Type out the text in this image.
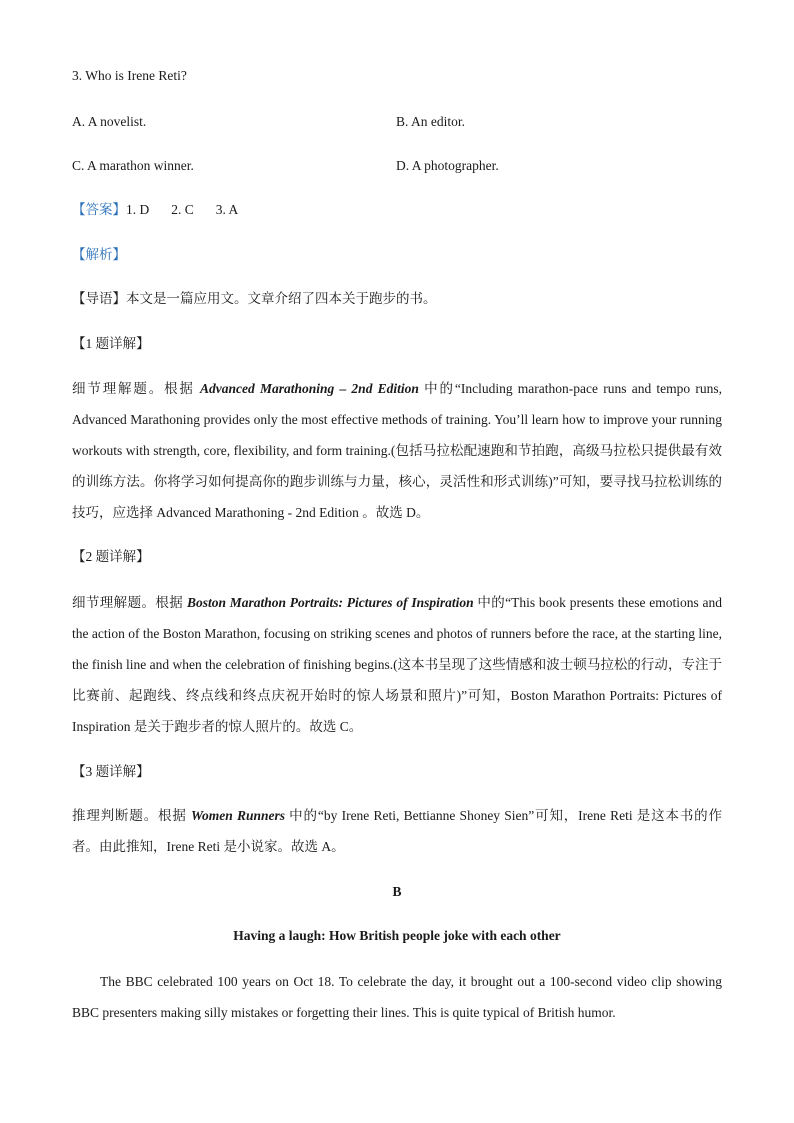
3. Who is Irene Reti?
A. A novelist.	B. An editor.
C. A marathon winner.	D. A photographer.
【答案】1. D 2. C 3. A
【解析】
【导语】本文是一篇应用文。文章介绍了四本关于跑步的书。
【1 题详解】
细节理解题。根据 Advanced Marathoning – 2nd Edition 中的“Including marathon-pace runs and tempo runs, Advanced Marathoning provides only the most effective methods of training. You’ll learn how to improve your running workouts with strength, core, flexibility, and form training.(包括马拉松配速跑和节拍跑，高级马拉松只提供最有效的训练方法。你将学习如何提高你的跑步训练与力量，核心，灵活性和形式训练)”可知，要寻找马拉松训练的技巧，应选择 Advanced Marathoning - 2nd Edition 。故选 D。
【2 题详解】
细节理解题。根据 Boston Marathon Portraits: Pictures of Inspiration 中的“This book presents these emotions and the action of the Boston Marathon, focusing on striking scenes and photos of runners before the race, at the starting line, the finish line and when the celebration of finishing begins.(这本书呈现了这些情感和波士顿马拉松的行动，专注于比赛前、起跑线、终点线和终点庆祝开始时的惊人场景和照片)”可知，Boston Marathon Portraits: Pictures of Inspiration 是关于跑步者的惊人照片的。故选 C。
【3 题详解】
推理判断题。根据 Women Runners 中的“by Irene Reti, Bettianne Shoney Sien”可知，Irene Reti 是这本书的作者。由此推知，Irene Reti 是小说家。故选 A。
B
Having a laugh: How British people joke with each other
The BBC celebrated 100 years on Oct 18. To celebrate the day, it brought out a 100-second video clip showing BBC presenters making silly mistakes or forgetting their lines. This is quite typical of British humor.
